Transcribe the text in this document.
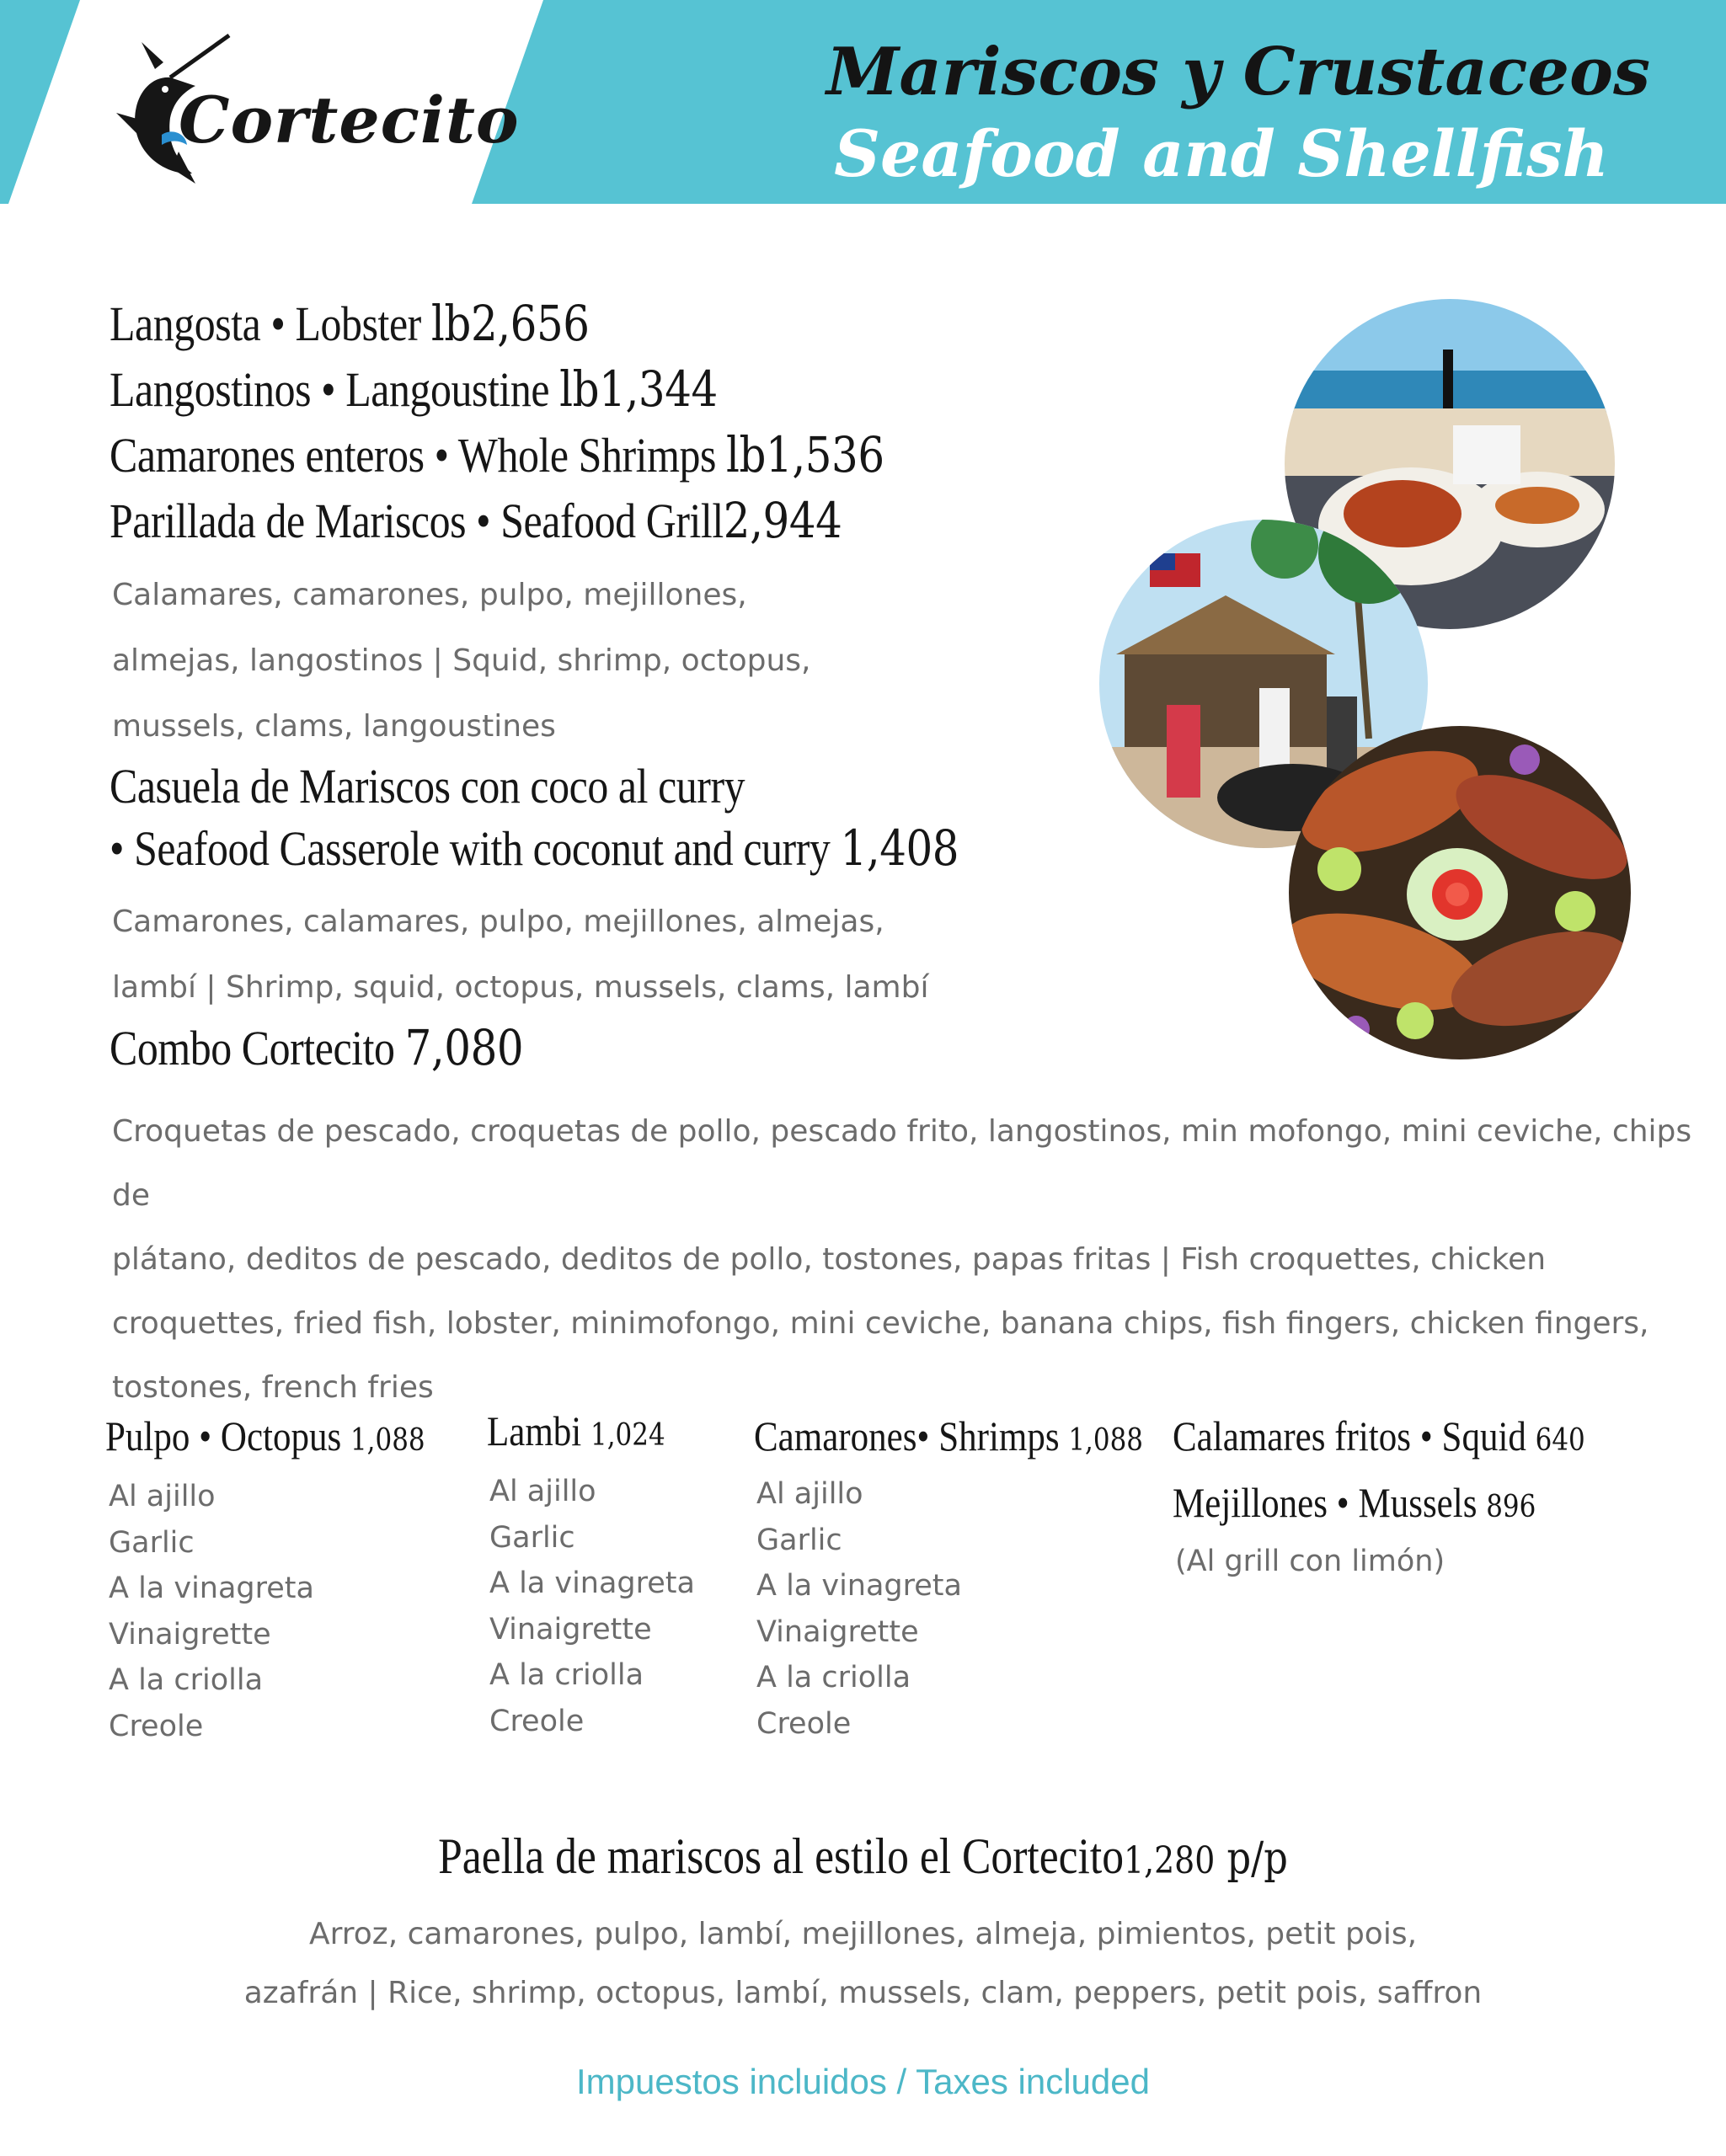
Cortecito
Mariscos y Crustaceos
Seafood and Shellfish
Langosta • Lobster lb2,656
Langostinos • Langoustine lb1,344
Camarones enteros • Whole Shrimps lb1,536
Parillada de Mariscos • Seafood Grill2,944
Calamares, camarones, pulpo, mejillones,
almejas, langostinos | Squid, shrimp, octopus,
mussels, clams, langoustines
Casuela de Mariscos con coco al curry
• Seafood Casserole with coconut and curry 1,408
Camarones, calamares, pulpo, mejillones, almejas,
lambí | Shrimp, squid, octopus, mussels, clams, lambí
Combo Cortecito 7,080
Croquetas de pescado, croquetas de pollo, pescado frito, langostinos, min mofongo, mini ceviche, chips de
plátano, deditos de pescado, deditos de pollo, tostones, papas fritas | Fish croquettes, chicken
croquettes, fried fish, lobster, minimofongo, mini ceviche, banana chips, fish fingers, chicken fingers,
tostones, french fries
Pulpo • Octopus 1,088
Al ajillo
Garlic
A la vinagreta
Vinaigrette
A la criolla
Creole
Lambi 1,024
Al ajillo
Garlic
A la vinagreta
Vinaigrette
A la criolla
Creole
Camarones• Shrimps 1,088
Al ajillo
Garlic
A la vinagreta
Vinaigrette
A la criolla
Creole
Calamares fritos • Squid 640
Mejillones • Mussels 896
(Al grill con limón)
Paella de mariscos al estilo el Cortecito1,280 p/p
Arroz, camarones, pulpo, lambí, mejillones, almeja, pimientos, petit pois,
azafrán | Rice, shrimp, octopus, lambí, mussels, clam, peppers, petit pois, saffron
Impuestos incluidos / Taxes included
